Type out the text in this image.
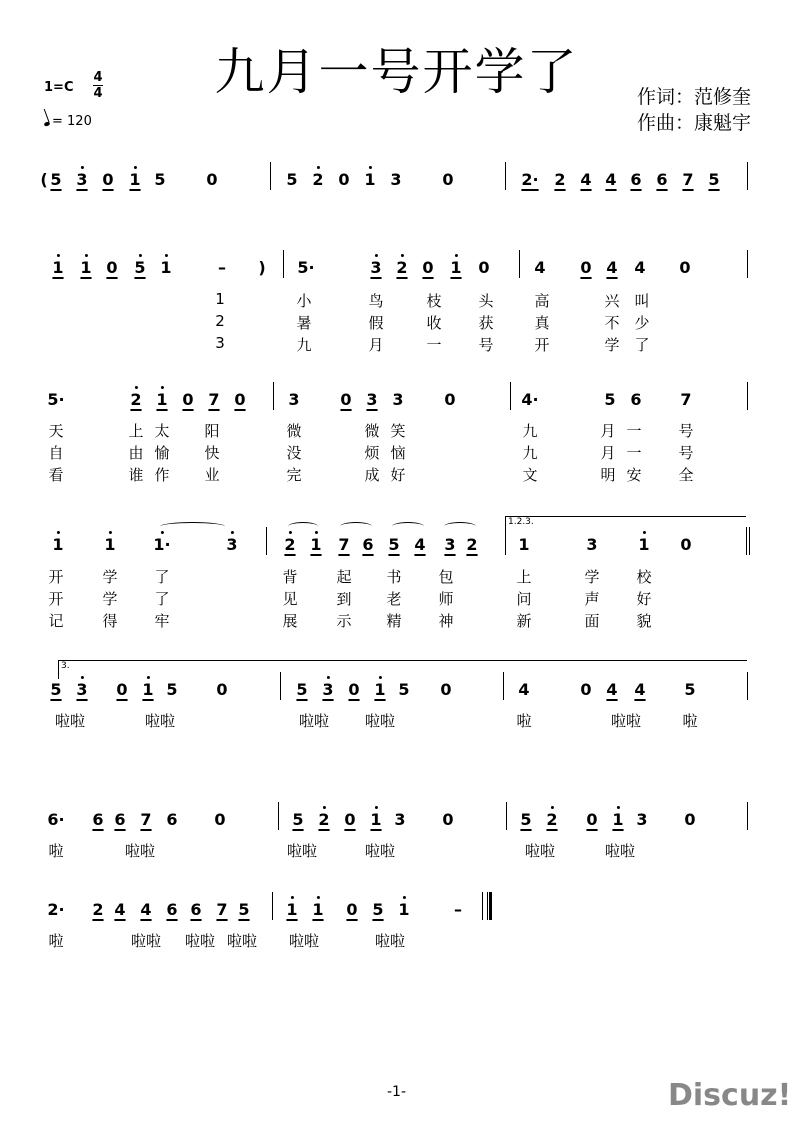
九月一号开学了
1=C
4
4
= 120
作词：范修奎
作曲：康魁宇
( 5 3 0 1 5	0	5 2 0 1 3	0	2· 2 4 4 6 6 7 5
1 1 0 5 1	– ) 5·	3 2 0 1 0	4 0 4 4 0
5·	2 1 0 7 0	3	0 3 3	0	4·	5 6 7
1	1 1·	3	2 1 7 6 5 4 3 2	1	3	1 0
5 3 0 1 5 0	5 3 0 1 5 0	4	0 4 4 5
6· 6 6 7 6 0	5 2 0 1 3 0	5 2 0 1 3 0
2· 2 4 4 6 6 7 5 1 1 0 5 1	–
1	小	鸟	枝 头	高	兴 叫
2	暑	假	收 获	真	不 少
3	九	月	一 号	开	学 了
天	上 太 阳	微	微 笑	九	月 一 号
自	由 愉 快	没	烦 恼	九	月 一 号
看	谁 作 业	完	成 好	文	明 安 全
开	学 了	背	起 书 包	上	学 校
开	学 了	见	到 老 师	问	声 好
记	得 牢	展	示 精 神	新	面 貌
啦啦	啦啦	啦啦 啦啦	啦	啦啦	啦
啦	啦啦	啦啦	啦啦	啦啦	啦啦
啦	啦啦 啦啦 啦啦 啦啦	啦啦
1.2.3.
3.
-1-	Discuz!
